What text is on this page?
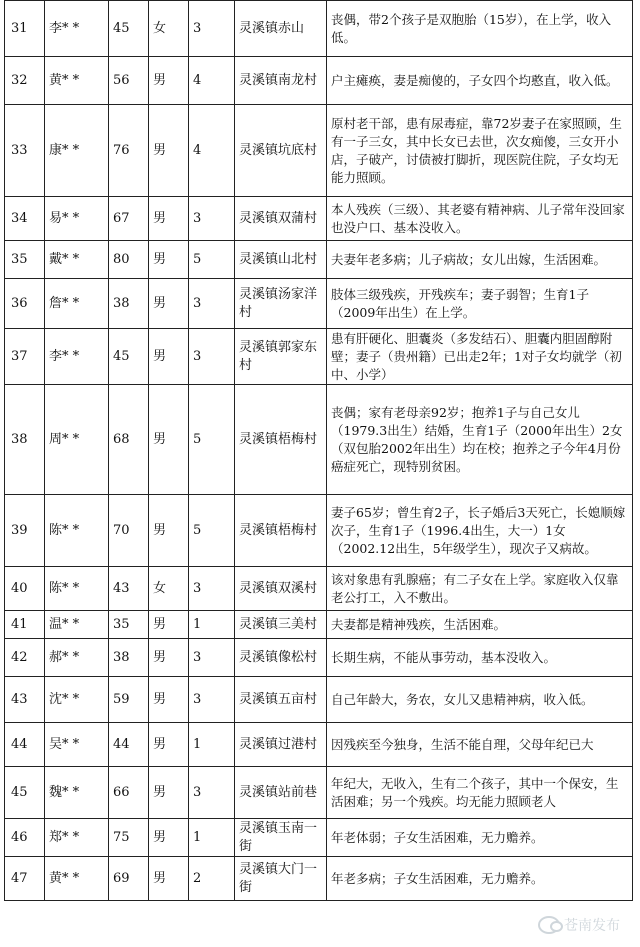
31	李* *	45	女	3	灵溪镇赤山	丧偶，带2个孩子是双胞胎（15岁），在上学，收入低。
32	黄* *	56	男	4	灵溪镇南龙村	户主瘫痪，妻是痴傻的，子女四个均憨直，收入低。
33	康* *	76	男	4	灵溪镇坑底村	原村老干部，患有尿毒症，靠72岁妻子在家照顾，生有一子三女，其中长女已去世，次女痴傻，三女开小店，子破产，讨债被打脚折，现医院住院，子女均无能力照顾。
34	易* *	67	男	3	灵溪镇双蒲村	本人残疾（三级）、其老婆有精神病、儿子常年没回家也没户口、基本没收入。
35	戴* *	80	男	5	灵溪镇山北村	夫妻年老多病；儿子病故；女儿出嫁，生活困难。
36	詹* *	38	男	3	灵溪镇汤家洋村	肢体三级残疾，开残疾车；妻子弱智；生育1子（2009年出生）在上学。
37	李* *	45	男	3	灵溪镇郭家东村	患有肝硬化、胆囊炎（多发结石）、胆囊内胆固醇附壁；妻子（贵州籍）已出走2年；1对子女均就学（初中、小学）
38	周* *	68	男	5	灵溪镇梧梅村	丧偶；家有老母亲92岁；抱养1子与自己女儿（1979.3出生）结婚，生育1子（2000年出生）2女（双包胎2002年出生）均在校；抱养之子今年4月份癌症死亡，现特别贫困。
39	陈* *	70	男	5	灵溪镇梧梅村	妻子65岁；曾生育2子，长子婚后3天死亡，长媳顺嫁次子，生育1子（1996.4出生，大一）1女（2002.12出生，5年级学生），现次子又病故。
40	陈* *	43	女	3	灵溪镇双溪村	该对象患有乳腺癌；有二子女在上学。家庭收入仅靠老公打工，入不敷出。
41	温* *	35	男	1	灵溪镇三美村	夫妻都是精神残疾，生活困难。
42	郝* *	38	男	3	灵溪镇像松村	长期生病，不能从事劳动，基本没收入。
43	沈* *	59	男	3	灵溪镇五亩村	自己年龄大，务农，女儿又患精神病，收入低。
44	吴* *	44	男	1	灵溪镇过港村	因残疾至今独身，生活不能自理，父母年纪已大
45	魏* *	66	男	3	灵溪镇站前巷	年纪大，无收入，生有二个孩子，其中一个保安，生活困难；另一个残疾。均无能力照顾老人
46	郑* *	75	男	1	灵溪镇玉南一街	年老体弱；子女生活困难，无力赡养。
47	黄* *	69	男	2	灵溪镇大门一街	年老多病；子女生活困难，无力赡养。
苍南发布
